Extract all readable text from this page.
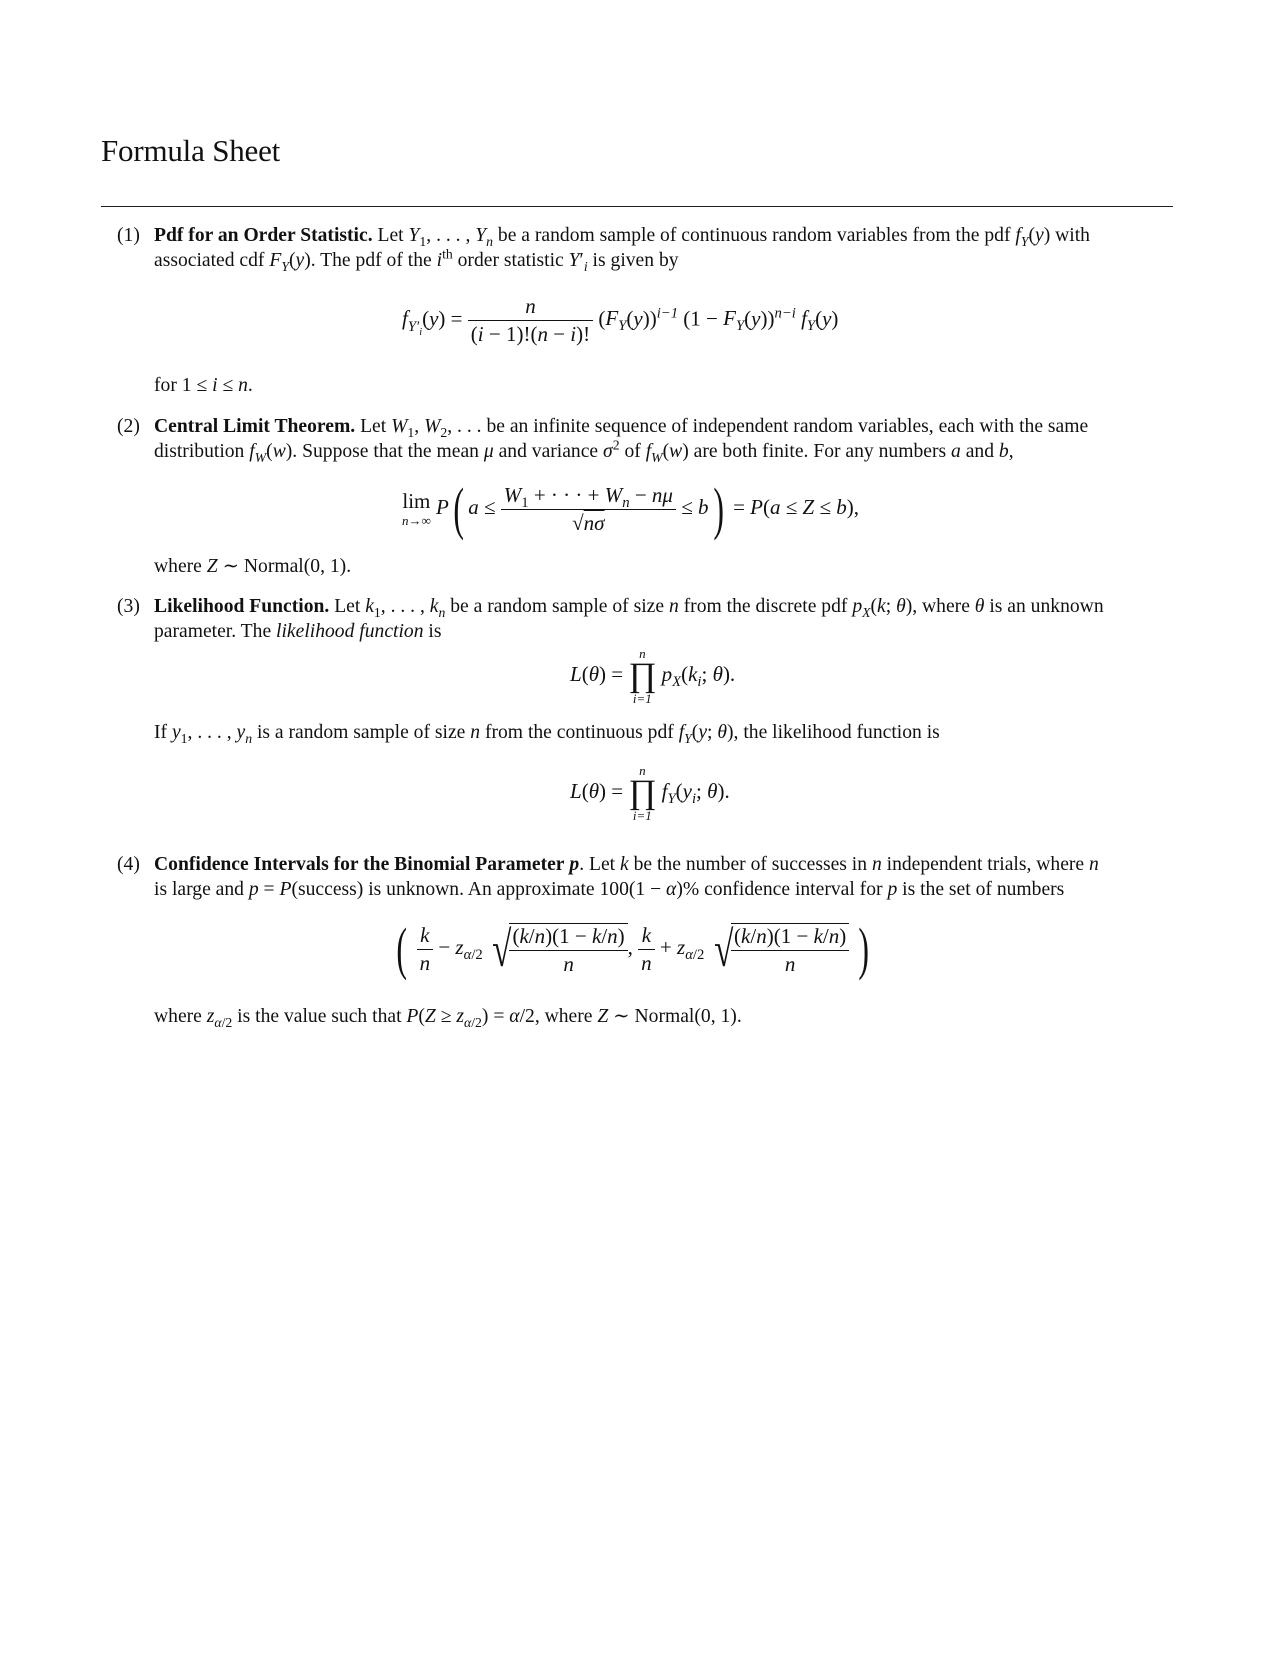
Formula Sheet
(1) Pdf for an Order Statistic. Let $Y_1$, . . . , $Y_n$ be a random sample of continuous random variables from the pdf $f_Y(y)$ with
associated cdf $F_Y(y)$. The pdf of the $i^{th}$ order statistic $Y'_i$ is given by
$f_{Y'_i}(y) = \frac{n}{(i - 1)!(n - i)!} (F_Y(y))^{i-1}$ $(1 - F_Y(y))^{n-i}$ $f_Y(y)$
for 1 ≤ i ≤ n.
(2) Central Limit Theorem. Let $W_1$, $W_2$, . . . be an infinite sequence of independent random variables, each with the same
distribution $f_W(w)$. Suppose that the mean μ and variance $\sigma^2$ of $f_W(w)$ are both finite. For any numbers a and b,
lim
n→∞
P( $a \le \frac{W_1 + \cdot \cdot \cdot + W_n - n\mu}{√n\sigma} \le b) = P(a \le Z \le b)$,
where Z ∼ Normal(0, 1).
(3) Likelihood Function. Let $k_1$, . . . , $k_n$ be a random sample of size n from the discrete pdf $p_X(k$; θ), where θ is an unknown
parameter. The likelihood function is
L(θ) =
n
∏
i=1
$p_X(k_i$; θ).
If $y_1$, . . . , $y_n$ is a random sample of size n from the continuous pdf $f_Y(y$; θ), the likelihood function is
L(θ) =
n
∏
i=1
$f_Y(y_i$; θ).
(4) Confidence Intervals for the Binomial Parameter p. Let k be the number of successes in n independent trials, where n
is large and p = P(success) is unknown. An approximate 100(1 − α)% confidence interval for p is the set of numbers
( $\frac{k}{n} - z_{\alpha/2}$ √
$\frac{(k/n)(1 - k/n)}{n}$ , $\frac{k}{n} + z_{\alpha/2}$ √
$\frac{(k/n)(1 - k/n)}{n}$ )
where $z_{\alpha/2}$ is the value such that $P(Z \ge z_{\alpha/2}) = \alpha/2$, where Z ∼ Normal(0, 1).
